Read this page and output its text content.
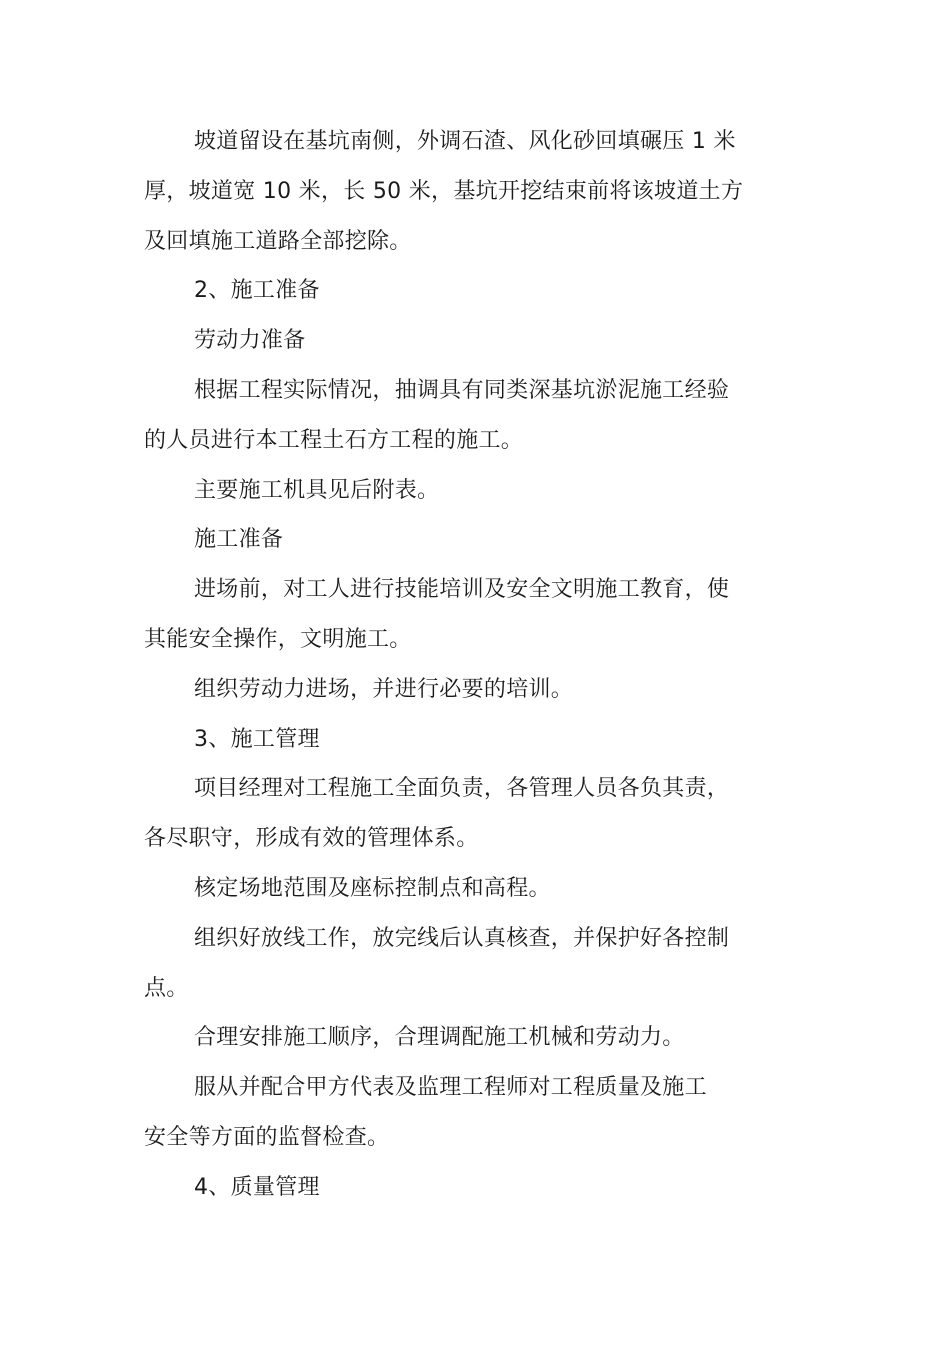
坡道留设在基坑南侧，外调石渣、风化砂回填碾压 1 米
厚，坡道宽 10 米，长 50 米，基坑开挖结束前将该坡道土方
及回填施工道路全部挖除。
2、施工准备
劳动力准备
根据工程实际情况，抽调具有同类深基坑淤泥施工经验
的人员进行本工程土石方工程的施工。
主要施工机具见后附表。
施工准备
进场前，对工人进行技能培训及安全文明施工教育，使
其能安全操作，文明施工。
组织劳动力进场，并进行必要的培训。
3、施工管理
项目经理对工程施工全面负责，各管理人员各负其责，
各尽职守，形成有效的管理体系。
核定场地范围及座标控制点和高程。
组织好放线工作，放完线后认真核查，并保护好各控制
点。
合理安排施工顺序，合理调配施工机械和劳动力。
服从并配合甲方代表及监理工程师对工程质量及施工
安全等方面的监督检查。
4、质量管理
